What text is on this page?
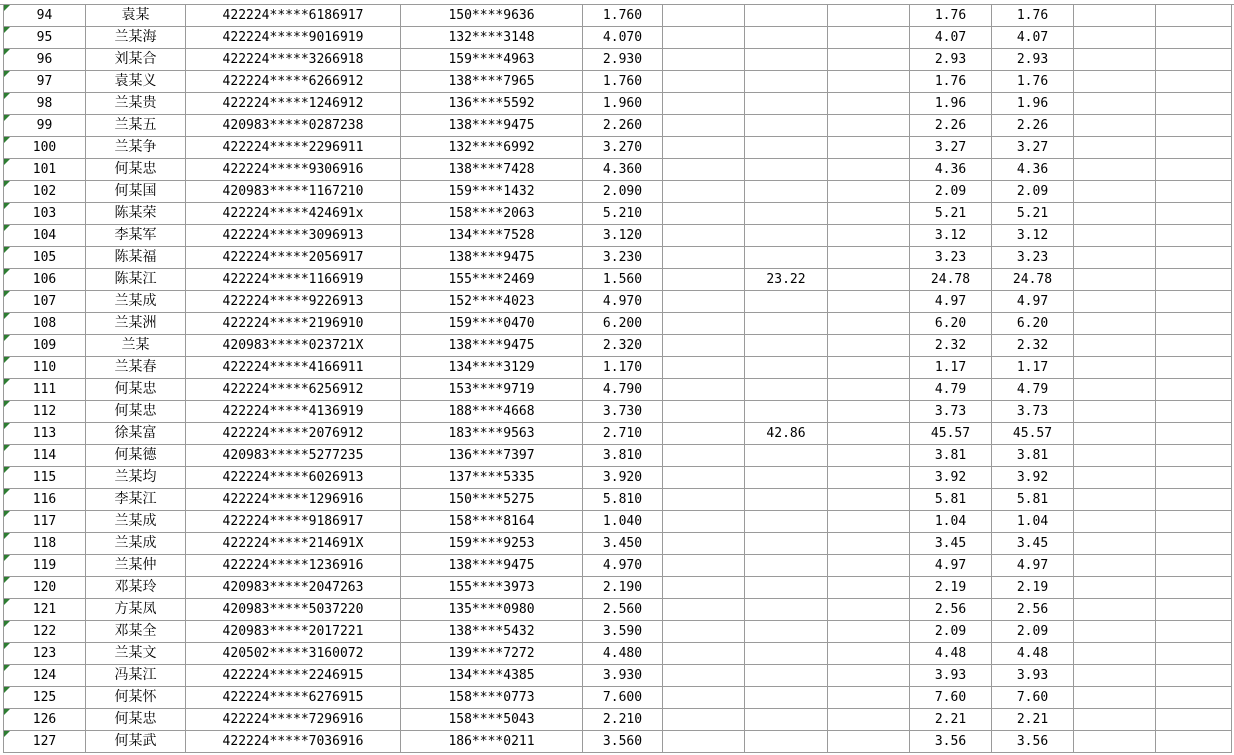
94	袁某	422224*****6186917	150****9636	1.760				1.76	1.76		
95	兰某海	422224*****9016919	132****3148	4.070				4.07	4.07		
96	刘某合	422224*****3266918	159****4963	2.930				2.93	2.93		
97	袁某义	422224*****6266912	138****7965	1.760				1.76	1.76		
98	兰某贵	422224*****1246912	136****5592	1.960				1.96	1.96		
99	兰某五	420983*****0287238	138****9475	2.260				2.26	2.26		
100	兰某争	422224*****2296911	132****6992	3.270				3.27	3.27		
101	何某忠	422224*****9306916	138****7428	4.360				4.36	4.36		
102	何某国	420983*****1167210	159****1432	2.090				2.09	2.09		
103	陈某荣	422224*****424691x	158****2063	5.210				5.21	5.21		
104	李某军	422224*****3096913	134****7528	3.120				3.12	3.12		
105	陈某福	422224*****2056917	138****9475	3.230				3.23	3.23		
106	陈某江	422224*****1166919	155****2469	1.560		23.22		24.78	24.78		
107	兰某成	422224*****9226913	152****4023	4.970				4.97	4.97		
108	兰某洲	422224*****2196910	159****0470	6.200				6.20	6.20		
109	兰某	420983*****023721X	138****9475	2.320				2.32	2.32		
110	兰某春	422224*****4166911	134****3129	1.170				1.17	1.17		
111	何某忠	422224*****6256912	153****9719	4.790				4.79	4.79		
112	何某忠	422224*****4136919	188****4668	3.730				3.73	3.73		
113	徐某富	422224*****2076912	183****9563	2.710		42.86		45.57	45.57		
114	何某德	420983*****5277235	136****7397	3.810				3.81	3.81		
115	兰某均	422224*****6026913	137****5335	3.920				3.92	3.92		
116	李某江	422224*****1296916	150****5275	5.810				5.81	5.81		
117	兰某成	422224*****9186917	158****8164	1.040				1.04	1.04		
118	兰某成	422224*****214691X	159****9253	3.450				3.45	3.45		
119	兰某仲	422224*****1236916	138****9475	4.970				4.97	4.97		
120	邓某玲	420983*****2047263	155****3973	2.190				2.19	2.19		
121	方某凤	420983*****5037220	135****0980	2.560				2.56	2.56		
122	邓某全	420983*****2017221	138****5432	3.590				2.09	2.09		
123	兰某文	420502*****3160072	139****7272	4.480				4.48	4.48		
124	冯某江	422224*****2246915	134****4385	3.930				3.93	3.93		
125	何某怀	422224*****6276915	158****0773	7.600				7.60	7.60		
126	何某忠	422224*****7296916	158****5043	2.210				2.21	2.21		
127	何某武	422224*****7036916	186****0211	3.560				3.56	3.56		
